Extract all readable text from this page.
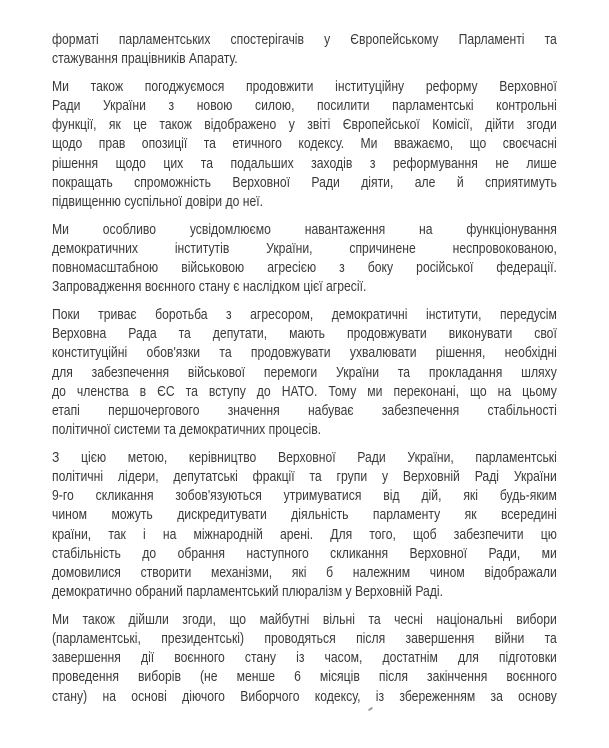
форматі парламентських спостерігачів у Європейському Парламенті та
стажування працівників Апарату.
Ми також погоджуємося продовжити інституційну реформу Верховної
Ради України з новою силою, посилити парламентські контрольні
функції, як це також відображено у звіті Європейської Комісії, дійти згоди
щодо прав опозиції та етичного кодексу. Ми вважаємо, що своєчасні
рішення щодо цих та подальших заходів з реформування не лише
покращать спроможність Верховної Ради діяти, але й сприятимуть
підвищенню суспільної довіри до неї.
Ми особливо усвідомлюємо навантаження на функціонування
демократичних інститутів України, спричинене неспровокованою,
повномасштабною військовою агресією з боку російської федерації.
Запровадження воєнного стану є наслідком цієї агресії.
Поки триває боротьба з агресором, демократичні інститути, передусім
Верховна Рада та депутати, мають продовжувати виконувати свої
конституційні обов'язки та продовжувати ухвалювати рішення, необхідні
для забезпечення військової перемоги України та прокладання шляху
до членства в ЄС та вступу до НАТО. Тому ми переконані, що на цьому
етапі першочергового значення набуває забезпечення стабільності
політичної системи та демократичних процесів.
З цією метою, керівництво Верховної Ради України, парламентські
політичні лідери, депутатські фракції та групи у Верховній Раді України
9-го скликання зобов'язуються утримуватися від дій, які будь-яким
чином можуть дискредитувати діяльність парламенту як всередині
країни, так і на міжнародній арені. Для того, щоб забезпечити цю
стабільність до обрання наступного скликання Верховної Ради, ми
домовилися створити механізми, які б належним чином відображали
демократично обраний парламентський плюралізм у Верховній Раді.
Ми також дійшли згоди, що майбутні вільні та чесні національні вибори
(парламентські, президентські) проводяться після завершення війни та
завершення дії воєнного стану із часом, достатнім для підготовки
проведення виборів (не менше 6 місяців після закінчення воєнного
стану) на основі діючого Виборчого кодексу, із збереженням за основу
